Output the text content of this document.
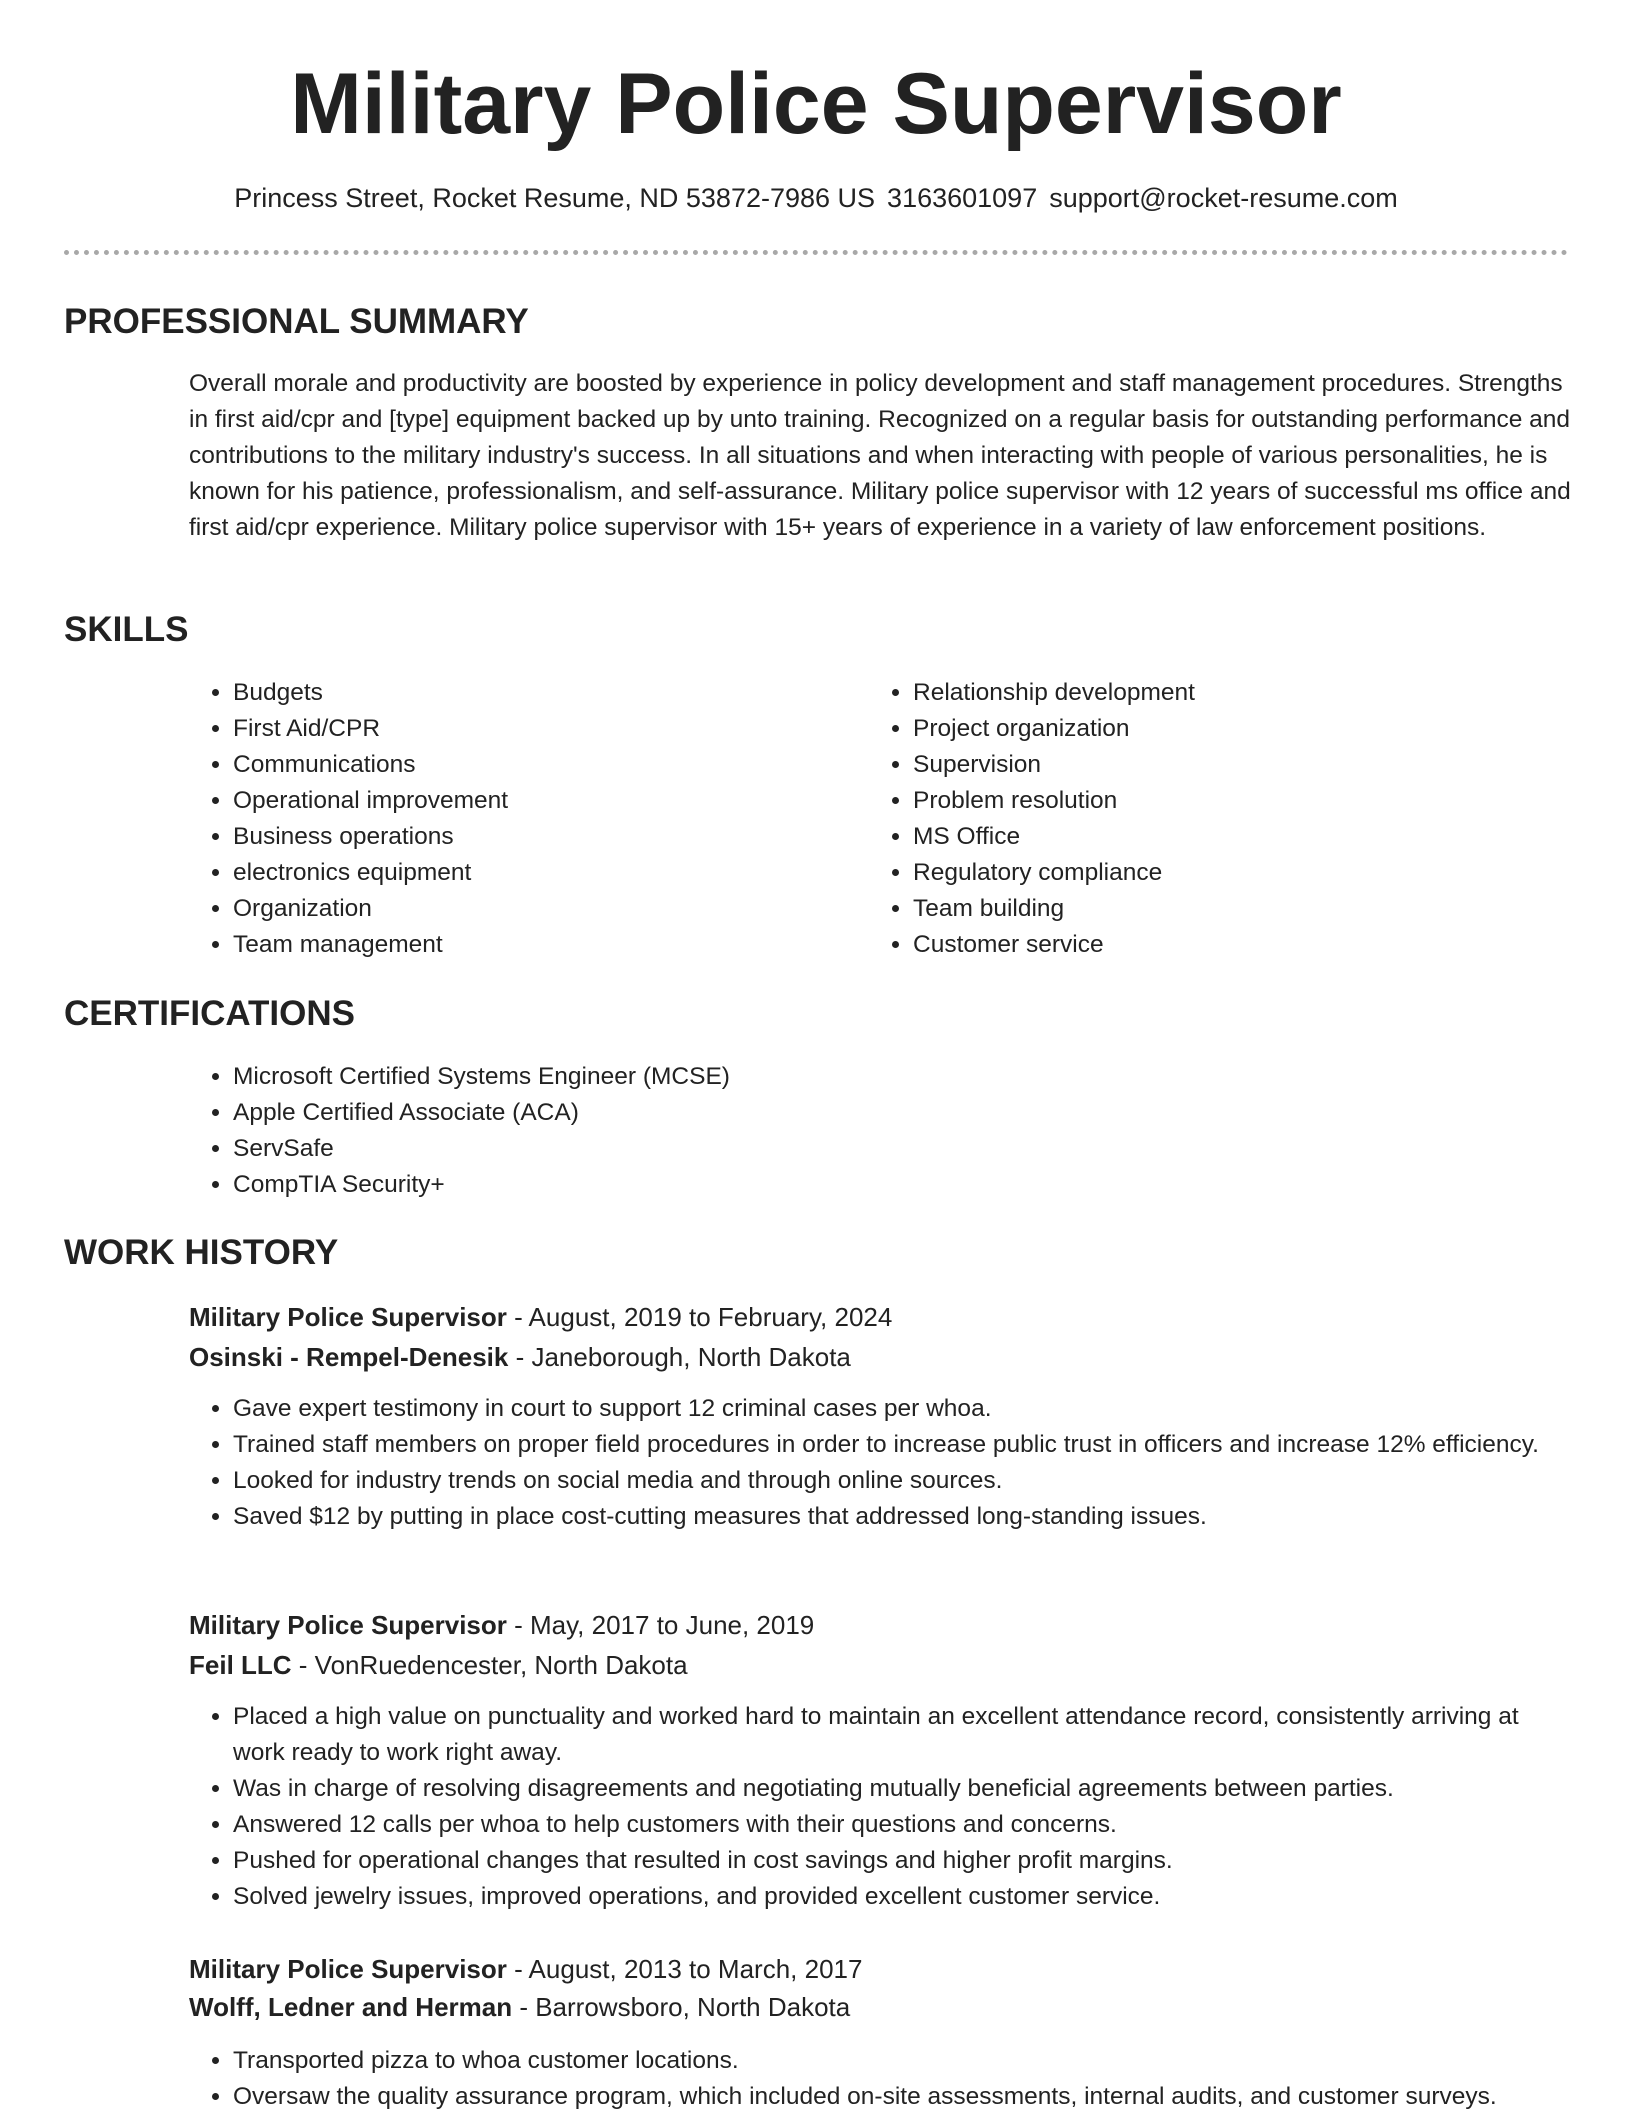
Military Police Supervisor
Princess Street, Rocket Resume, ND 53872-7986 US 3163601097 support@rocket-resume.com
PROFESSIONAL SUMMARY

Overall morale and productivity are boosted by experience in policy development and staff management procedures. Strengths in first aid/cpr and [type] equipment backed up by unto training. Recognized on a regular basis for outstanding performance and contributions to the military industry's success. In all situations and when interacting with people of various personalities, he is known for his patience, professionalism, and self-assurance. Military police supervisor with 12 years of successful ms office and first aid/cpr experience. Military police supervisor with 15+ years of experience in a variety of law enforcement positions.

SKILLS
• Budgets
• First Aid/CPR
• Communications
• Operational improvement
• Business operations
• electronics equipment
• Organization
• Team management
• Relationship development
• Project organization
• Supervision
• Problem resolution
• MS Office
• Regulatory compliance
• Team building
• Customer service
CERTIFICATIONS
• Microsoft Certified Systems Engineer (MCSE)
• Apple Certified Associate (ACA)
• ServSafe
• CompTIA Security+
WORK HISTORY
Military Police Supervisor - August, 2019 to February, 2024
Osinski - Rempel-Denesik - Janeborough, North Dakota
• Gave expert testimony in court to support 12 criminal cases per whoa.
• Trained staff members on proper field procedures in order to increase public trust in officers and increase 12% efficiency.
• Looked for industry trends on social media and through online sources.
• Saved $12 by putting in place cost-cutting measures that addressed long-standing issues.
Military Police Supervisor - May, 2017 to June, 2019
Feil LLC - VonRuedencester, North Dakota
• Placed a high value on punctuality and worked hard to maintain an excellent attendance record, consistently arriving at work ready to work right away.
• Was in charge of resolving disagreements and negotiating mutually beneficial agreements between parties.
• Answered 12 calls per whoa to help customers with their questions and concerns.
• Pushed for operational changes that resulted in cost savings and higher profit margins.
• Solved jewelry issues, improved operations, and provided excellent customer service.
Military Police Supervisor - August, 2013 to March, 2017
Wolff, Ledner and Herman - Barrowsboro, North Dakota
• Transported pizza to whoa customer locations.
• Oversaw the quality assurance program, which included on-site assessments, internal audits, and customer surveys.
